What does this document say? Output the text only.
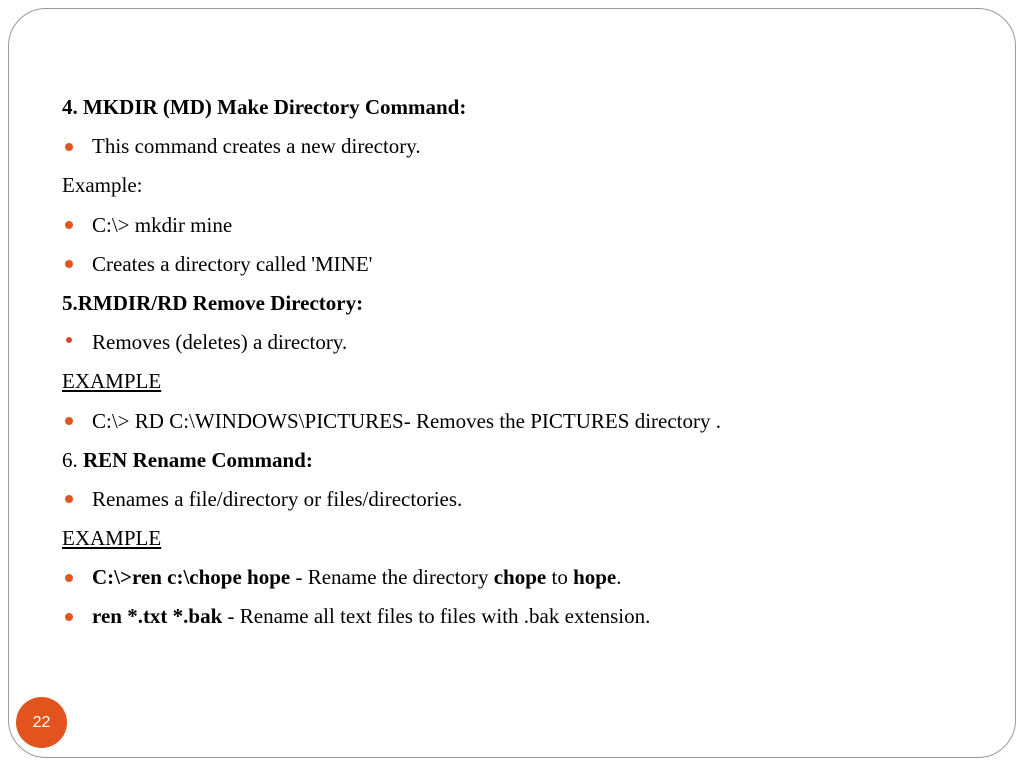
4. MKDIR (MD) Make Directory Command:
This command creates a new directory.
Example:
C:\> mkdir mine
Creates a directory called 'MINE'
5.RMDIR/RD Remove Directory:
Removes (deletes) a directory.
EXAMPLE
C:\> RD C:\WINDOWS\PICTURES- Removes the PICTURES directory .
6. REN Rename Command:
Renames a file/directory or files/directories.
EXAMPLE
C:\>ren c:\chope hope - Rename the directory chope to hope.
ren *.txt *.bak - Rename all text files to files with .bak extension.
22
